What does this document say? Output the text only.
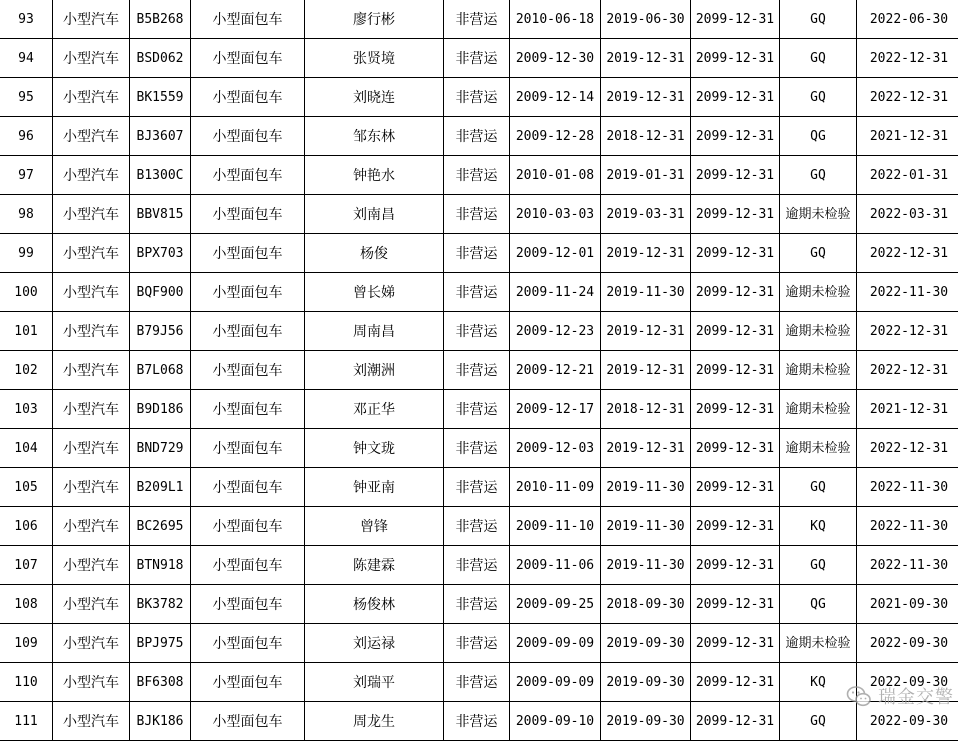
93	小型汽车	B5B268	小型面包车	廖行彬	非营运	2010-06-18	2019-06-30	2099-12-31	GQ	2022-06-30
94	小型汽车	BSD062	小型面包车	张贤境	非营运	2009-12-30	2019-12-31	2099-12-31	GQ	2022-12-31
95	小型汽车	BK1559	小型面包车	刘晓连	非营运	2009-12-14	2019-12-31	2099-12-31	GQ	2022-12-31
96	小型汽车	BJ3607	小型面包车	邹东林	非营运	2009-12-28	2018-12-31	2099-12-31	QG	2021-12-31
97	小型汽车	B1300C	小型面包车	钟艳水	非营运	2010-01-08	2019-01-31	2099-12-31	GQ	2022-01-31
98	小型汽车	BBV815	小型面包车	刘南昌	非营运	2010-03-03	2019-03-31	2099-12-31	逾期未检验	2022-03-31
99	小型汽车	BPX703	小型面包车	杨俊	非营运	2009-12-01	2019-12-31	2099-12-31	GQ	2022-12-31
100	小型汽车	BQF900	小型面包车	曾长娣	非营运	2009-11-24	2019-11-30	2099-12-31	逾期未检验	2022-11-30
101	小型汽车	B79J56	小型面包车	周南昌	非营运	2009-12-23	2019-12-31	2099-12-31	逾期未检验	2022-12-31
102	小型汽车	B7L068	小型面包车	刘潮洲	非营运	2009-12-21	2019-12-31	2099-12-31	逾期未检验	2022-12-31
103	小型汽车	B9D186	小型面包车	邓正华	非营运	2009-12-17	2018-12-31	2099-12-31	逾期未检验	2021-12-31
104	小型汽车	BND729	小型面包车	钟文珑	非营运	2009-12-03	2019-12-31	2099-12-31	逾期未检验	2022-12-31
105	小型汽车	B209L1	小型面包车	钟亚南	非营运	2010-11-09	2019-11-30	2099-12-31	GQ	2022-11-30
106	小型汽车	BC2695	小型面包车	曾锋	非营运	2009-11-10	2019-11-30	2099-12-31	KQ	2022-11-30
107	小型汽车	BTN918	小型面包车	陈建霖	非营运	2009-11-06	2019-11-30	2099-12-31	GQ	2022-11-30
108	小型汽车	BK3782	小型面包车	杨俊林	非营运	2009-09-25	2018-09-30	2099-12-31	QG	2021-09-30
109	小型汽车	BPJ975	小型面包车	刘运禄	非营运	2009-09-09	2019-09-30	2099-12-31	逾期未检验	2022-09-30
110	小型汽车	BF6308	小型面包车	刘瑞平	非营运	2009-09-09	2019-09-30	2099-12-31	KQ	2022-09-30
111	小型汽车	BJK186	小型面包车	周龙生	非营运	2009-09-10	2019-09-30	2099-12-31	GQ	2022-09-30
瑞金交警
